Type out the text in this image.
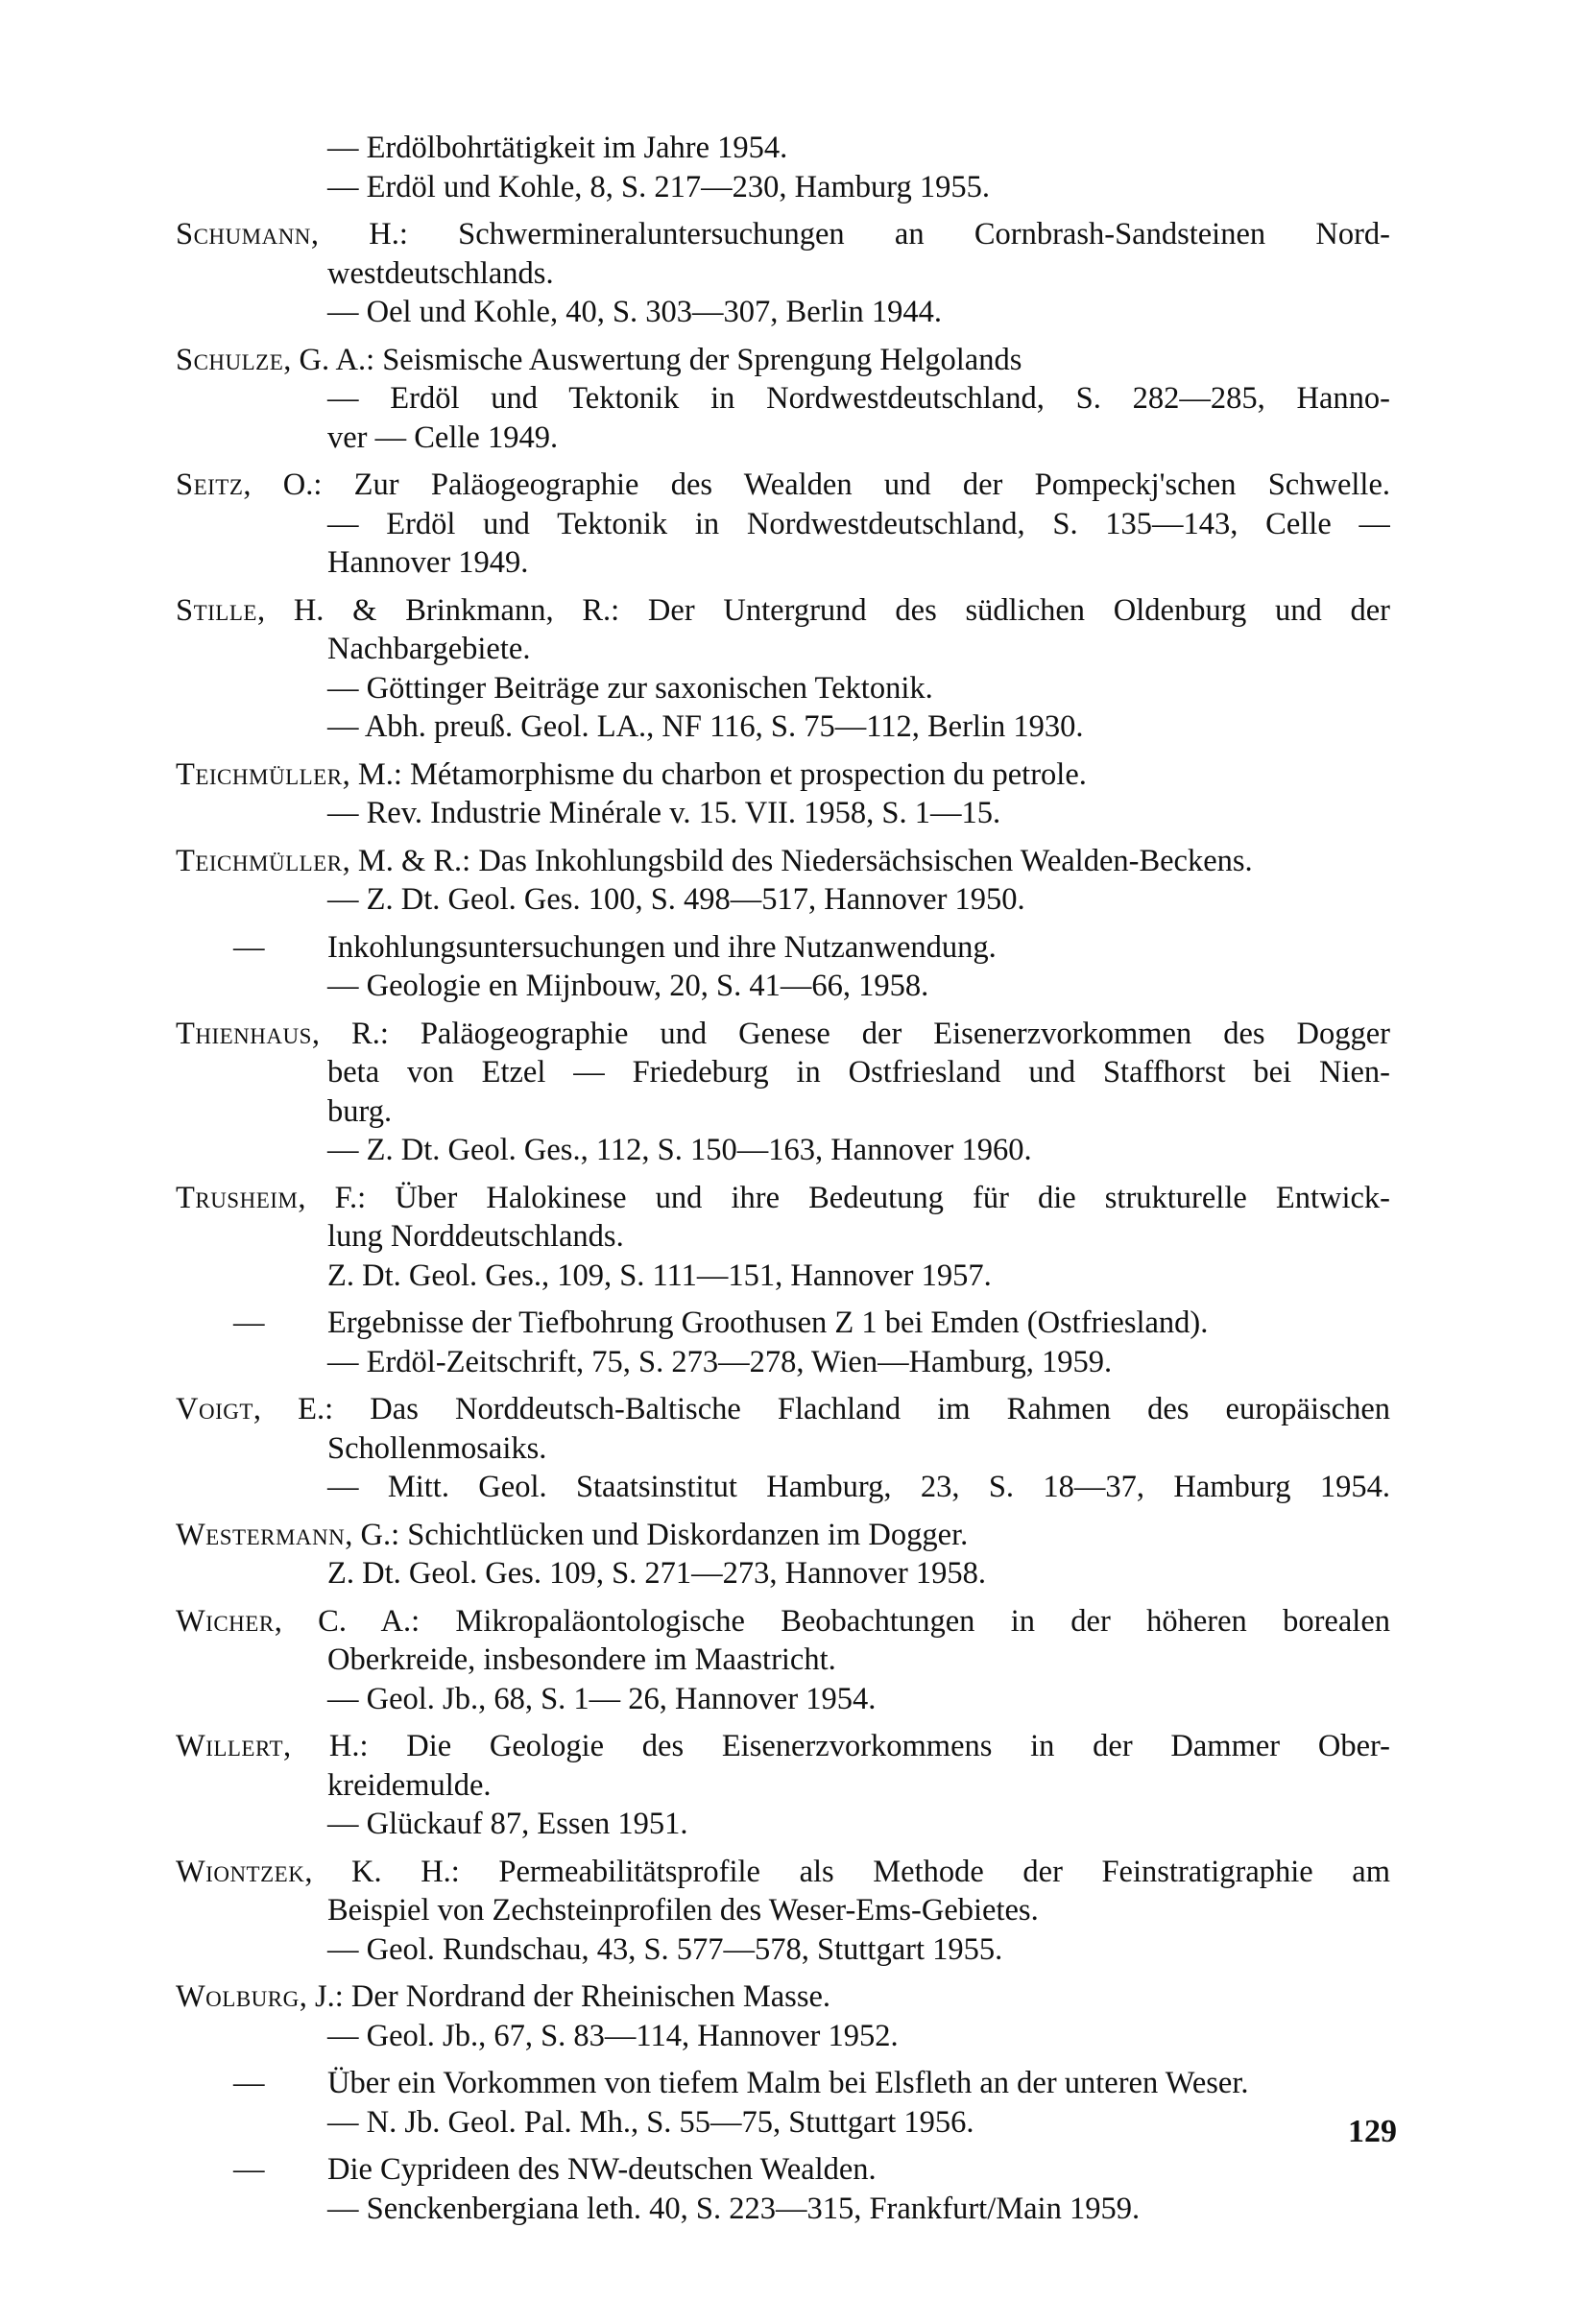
— Erdölbohrtätigkeit im Jahre 1954.
— Erdöl und Kohle, 8, S. 217—230, Hamburg 1955.
Schumann, H.: Schwermineraluntersuchungen an Cornbrash-Sandsteinen Nord-
westdeutschlands.
— Oel und Kohle, 40, S. 303—307, Berlin 1944.
Schulze, G. A.: Seismische Auswertung der Sprengung Helgolands
— Erdöl und Tektonik in Nordwestdeutschland, S. 282—285, Hanno-
ver — Celle 1949.
Seitz, O.: Zur Paläogeographie des Wealden und der Pompeckj'schen Schwelle.
— Erdöl und Tektonik in Nordwestdeutschland, S. 135—143, Celle —
Hannover 1949.
Stille, H. & Brinkmann, R.: Der Untergrund des südlichen Oldenburg und der
Nachbargebiete.
— Göttinger Beiträge zur saxonischen Tektonik.
— Abh. preuß. Geol. LA., NF 116, S. 75—112, Berlin 1930.
Teichmüller, M.: Métamorphisme du charbon et prospection du petrole.
— Rev. Industrie Minérale v. 15. VII. 1958, S. 1—15.
Teichmüller, M. & R.: Das Inkohlungsbild des Niedersächsischen Wealden-Beckens.
— Z. Dt. Geol. Ges. 100, S. 498—517, Hannover 1950.
— Inkohlungsuntersuchungen und ihre Nutzanwendung.
— Geologie en Mijnbouw, 20, S. 41—66, 1958.
Thienhaus, R.: Paläogeographie und Genese der Eisenerzvorkommen des Dogger
beta von Etzel — Friedeburg in Ostfriesland und Staffhorst bei Nien-
burg.
— Z. Dt. Geol. Ges., 112, S. 150—163, Hannover 1960.
Trusheim, F.: Über Halokinese und ihre Bedeutung für die strukturelle Entwick-
lung Norddeutschlands.
Z. Dt. Geol. Ges., 109, S. 111—151, Hannover 1957.
— Ergebnisse der Tiefbohrung Groothusen Z 1 bei Emden (Ostfriesland).
— Erdöl-Zeitschrift, 75, S. 273—278, Wien—Hamburg, 1959.
Voigt, E.: Das Norddeutsch-Baltische Flachland im Rahmen des europäischen
Schollenmosaiks.
— Mitt. Geol. Staatsinstitut Hamburg, 23, S. 18—37, Hamburg 1954.
Westermann, G.: Schichtlücken und Diskordanzen im Dogger.
Z. Dt. Geol. Ges. 109, S. 271—273, Hannover 1958.
Wicher, C. A.: Mikropaläontologische Beobachtungen in der höheren borealen
Oberkreide, insbesondere im Maastricht.
— Geol. Jb., 68, S. 1— 26, Hannover 1954.
Willert, H.: Die Geologie des Eisenerzvorkommens in der Dammer Ober-
kreidemulde.
— Glückauf 87, Essen 1951.
Wiontzek, K. H.: Permeabilitätsprofile als Methode der Feinstratigraphie am
Beispiel von Zechsteinprofilen des Weser-Ems-Gebietes.
— Geol. Rundschau, 43, S. 577—578, Stuttgart 1955.
Wolburg, J.: Der Nordrand der Rheinischen Masse.
— Geol. Jb., 67, S. 83—114, Hannover 1952.
— Über ein Vorkommen von tiefem Malm bei Elsfleth an der unteren Weser.
— N. Jb. Geol. Pal. Mh., S. 55—75, Stuttgart 1956.
— Die Cyprideen des NW-deutschen Wealden.
— Senckenbergiana leth. 40, S. 223—315, Frankfurt/Main 1959.
129
